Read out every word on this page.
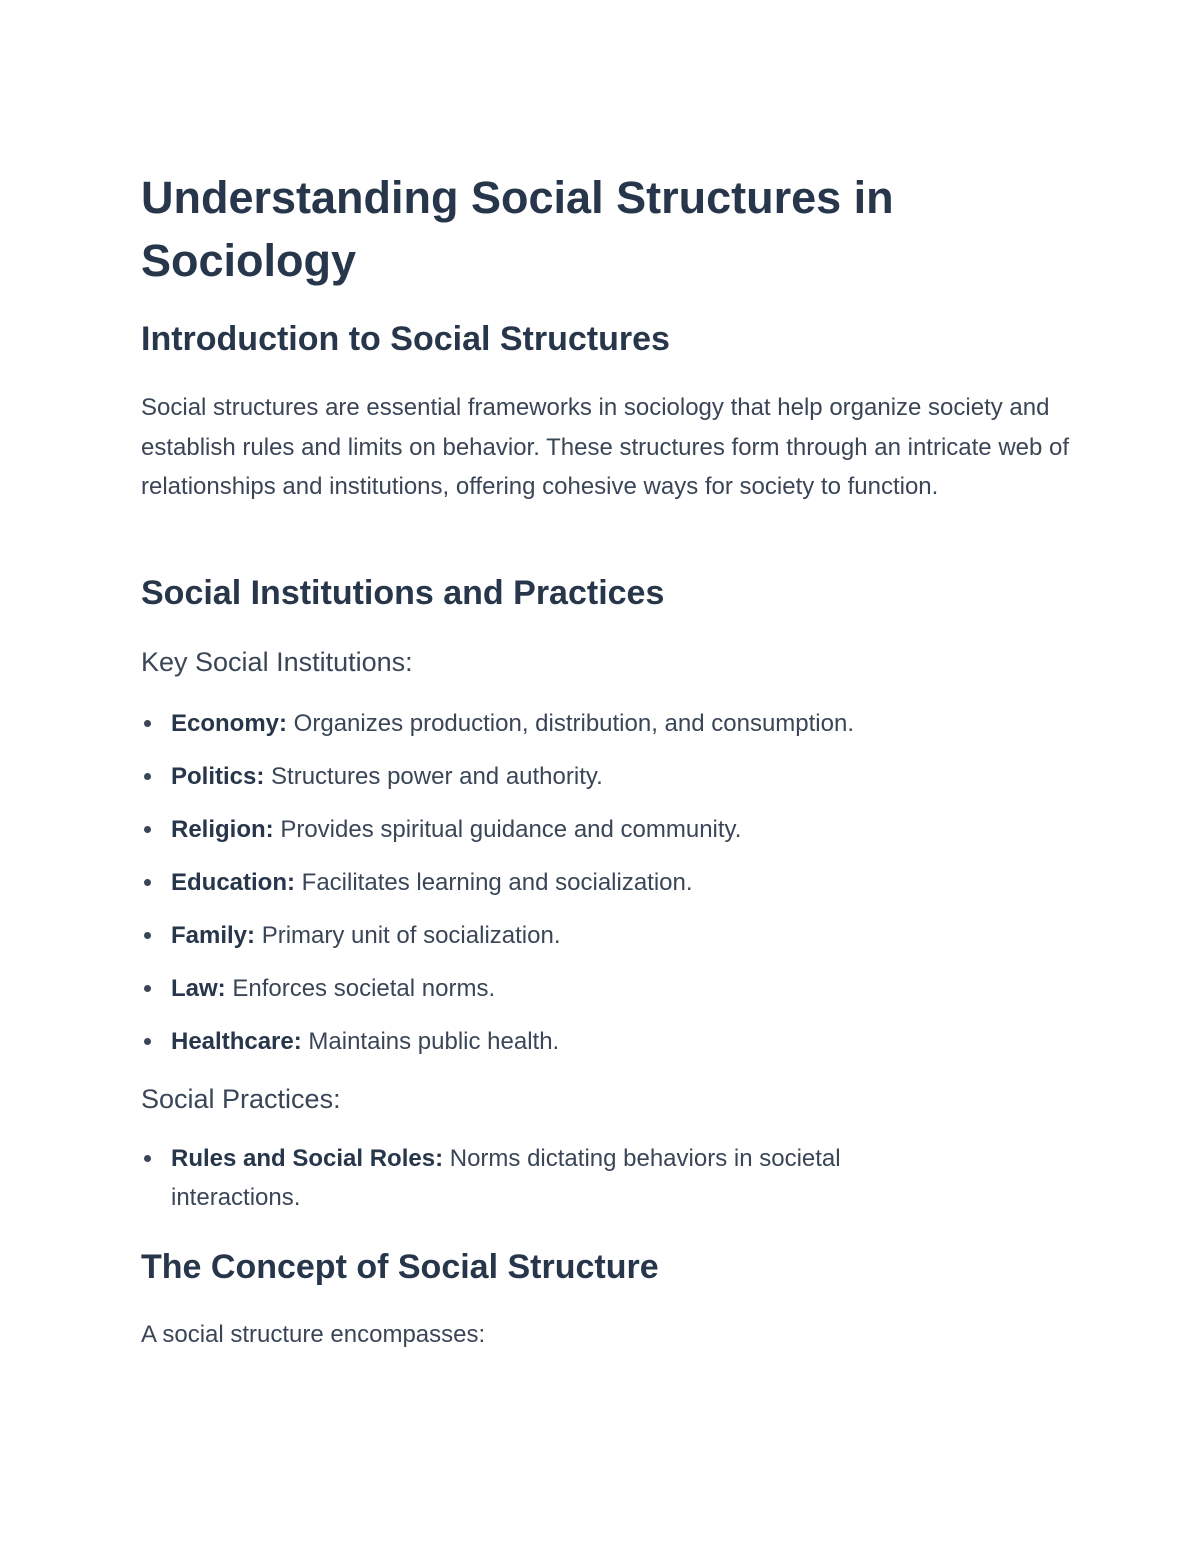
Understanding Social Structures in Sociology
Introduction to Social Structures

Social structures are essential frameworks in sociology that help organize society and establish rules and limits on behavior. These structures form through an intricate web of relationships and institutions, offering cohesive ways for society to function.

Social Institutions and Practices
Key Social Institutions:
Economy: Organizes production, distribution, and consumption.
Politics: Structures power and authority.
Religion: Provides spiritual guidance and community.
Education: Facilitates learning and socialization.
Family: Primary unit of socialization.
Law: Enforces societal norms.
Healthcare: Maintains public health.
Social Practices:
Rules and Social Roles: Norms dictating behaviors in societal interactions.
The Concept of Social Structure

A social structure encompasses:
